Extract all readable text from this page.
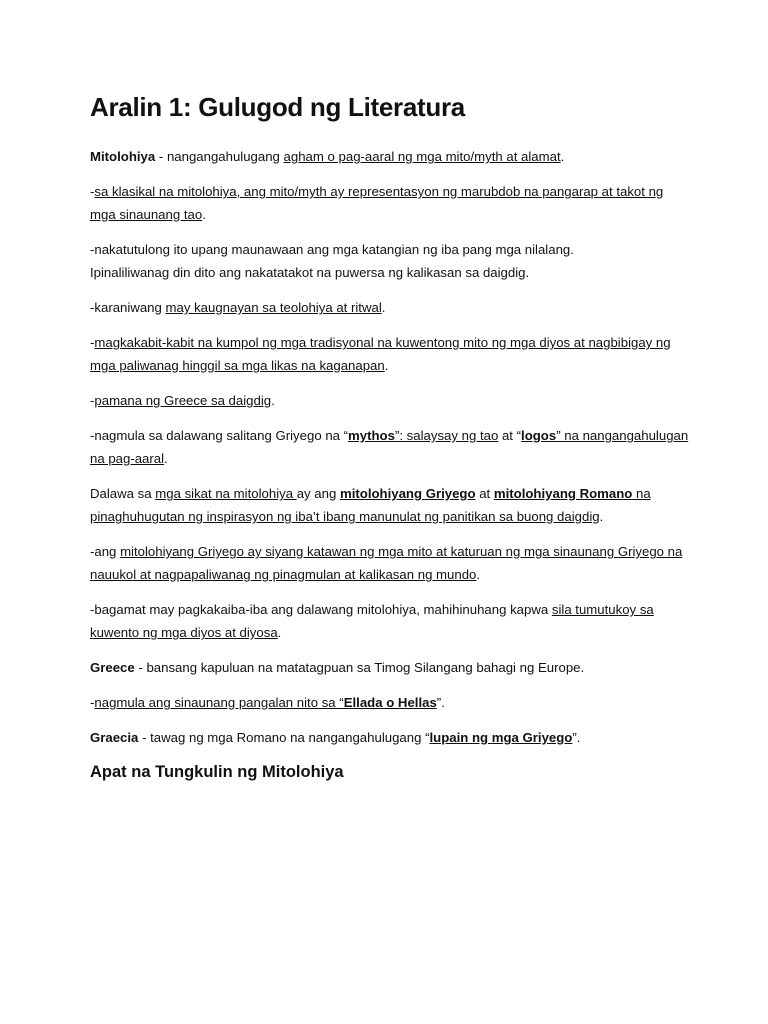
Aralin 1: Gulugod ng Literatura

Mitolohiya - nangangahulugang agham o pag-aaral ng mga mito/myth at alamat.

-sa klasikal na mitolohiya, ang mito/myth ay representasyon ng marubdob na pangarap at takot ng mga sinaunang tao.

-nakatutulong ito upang maunawaan ang mga katangian ng iba pang mga nilalang.
Ipinaliliwanag din dito ang nakatatakot na puwersa ng kalikasan sa daigdig.

-karaniwang may kaugnayan sa teolohiya at ritwal.

-magkakabit-kabit na kumpol ng mga tradisyonal na kuwentong mito ng mga diyos at nagbibigay ng mga paliwanag hinggil sa mga likas na kaganapan.

-pamana ng Greece sa daigdig.

-nagmula sa dalawang salitang Griyego na “mythos”: salaysay ng tao at “logos” na nangangahulugan na pag-aaral.

Dalawa sa mga sikat na mitolohiya ay ang mitolohiyang Griyego at mitolohiyang Romano na pinaghuhugutan ng inspirasyon ng iba’t ibang manunulat ng panitikan sa buong daigdig.

-ang mitolohiyang Griyego ay siyang katawan ng mga mito at katuruan ng mga sinaunang Griyego na nauukol at nagpapaliwanag ng pinagmulan at kalikasan ng mundo.

-bagamat may pagkakaiba-iba ang dalawang mitolohiya, mahihinuhang kapwa sila tumutukoy sa kuwento ng mga diyos at diyosa.

Greece - bansang kapuluan na matatagpuan sa Timog Silangang bahagi ng Europe.

-nagmula ang sinaunang pangalan nito sa “Ellada o Hellas”.

Graecia - tawag ng mga Romano na nangangahulugang “lupain ng mga Griyego”.

Apat na Tungkulin ng Mitolohiya
